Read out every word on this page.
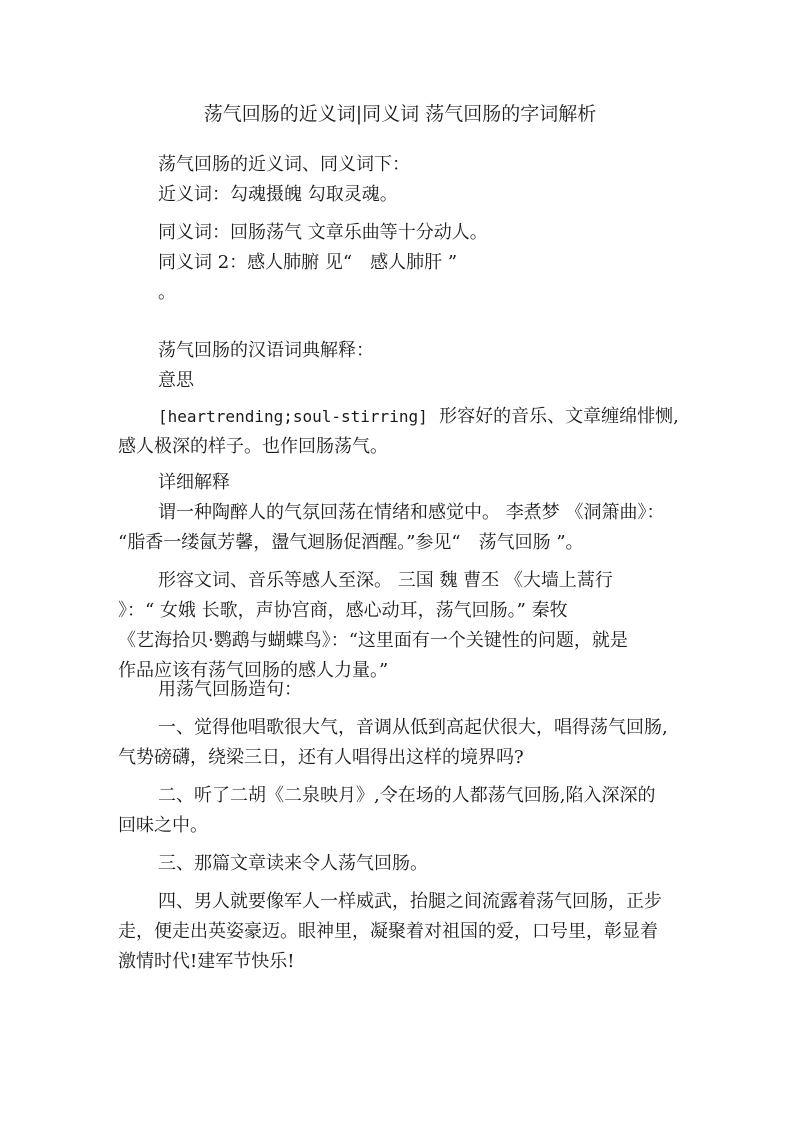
荡气回肠的近义词|同义词 荡气回肠的字词解析
荡气回肠的近义词、同义词下：
近义词：勾魂摄魄 勾取灵魂。
同义词：回肠荡气 文章乐曲等十分动人。
同义词 2：感人肺腑 见“　感人肺肝 ”
。
荡气回肠的汉语词典解释：
意思
[heartrending;soul-stirring] 形容好的音乐、文章缠绵悱恻,
感人极深的样子。也作回肠荡气。
详细解释
谓一种陶醉人的气氛回荡在情绪和感觉中。 李煮梦 《洞箫曲》：
“脂香一缕氤芳馨，盪气迴肠促酒醒。”参见“　荡气回肠 ”。
形容文词、音乐等感人至深。 三国 魏 曹丕 《大墙上蒿行
》：“ 女娥 长歌，声协宫商，感心动耳，荡气回肠。” 秦牧
《艺海拾贝·鹦鹉与蝴蝶鸟》：“这里面有一个关键性的问题，就是
作品应该有荡气回肠的感人力量。”
用荡气回肠造句：
一、觉得他唱歌很大气，音调从低到高起伏很大，唱得荡气回肠,
气势磅礴，绕梁三日，还有人唱得出这样的境界吗?
二、听了二胡《二泉映月》,令在场的人都荡气回肠,陷入深深的
回味之中。
三、那篇文章读来令人荡气回肠。
四、男人就要像军人一样威武，抬腿之间流露着荡气回肠，正步
走，便走出英姿豪迈。眼神里，凝聚着对祖国的爱，口号里，彰显着
激情时代!建军节快乐!
